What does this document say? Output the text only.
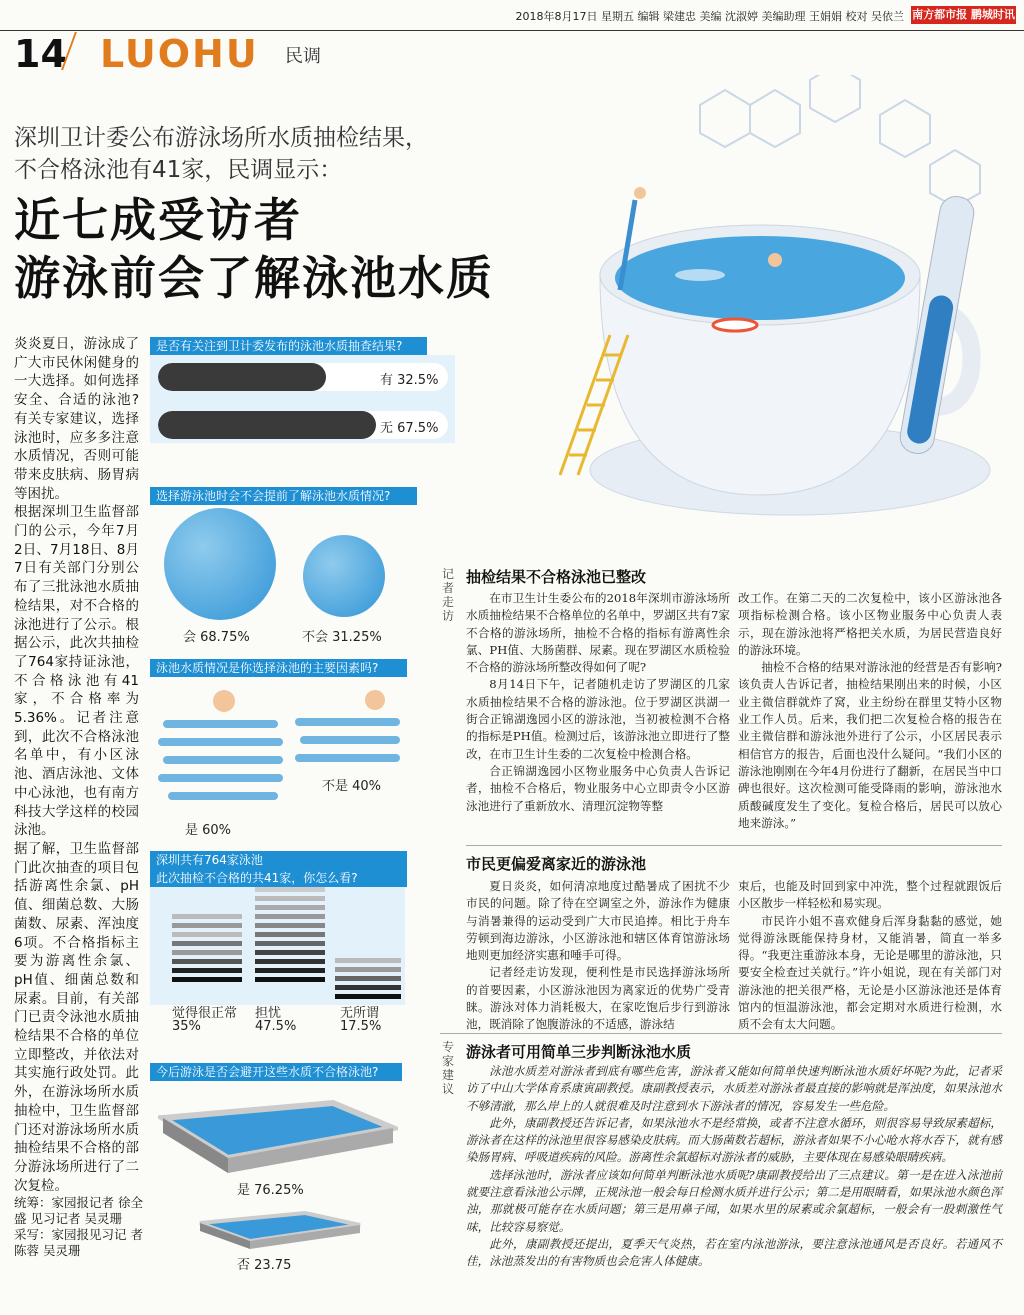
2018年8月17日 星期五 编辑 梁建忠 美编 沈淑婷 美编助理 王娟娟 校对 吴依兰 南方都市报 鹏城时讯
14 LUOHU 民调
深圳卫计委公布游泳场所水质抽检结果，
不合格泳池有41家，民调显示：
近七成受访者
游泳前会了解泳池水质

炎炎夏日，游泳成了广大市民休闲健身的一大选择。如何选择安全、合适的泳池?有关专家建议，选择泳池时，应多多注意水质情况，否则可能带来皮肤病、肠胃病等困扰。

根据深圳卫生监督部门的公示，今年7月2日、7月18日、8月7日有关部门分别公布了三批泳池水质抽检结果，对不合格的泳池进行了公示。根据公示，此次共抽检了764家持证泳池，不合格泳池有41家，不合格率为5.36%。记者注意到，此次不合格泳池名单中，有小区泳池、酒店泳池、文体中心泳池，也有南方科技大学这样的校园泳池。

据了解，卫生监督部门此次抽查的项目包括游离性余氯、pH值、细菌总数、大肠菌数、尿素、浑浊度6项。不合格指标主要为游离性余氯、pH值、细菌总数和尿素。目前，有关部门已责令泳池水质抽检结果不合格的单位立即整改，并依法对其实施行政处罚。此外，在游泳场所水质抽检中，卫生监督部门还对游泳场所水质抽检结果不合格的部分游泳场所进行了二次复检。

统筹：家园报记者 徐全盛 见习记者 吴灵珊
采写：家园报见习记 者 陈蓉 吴灵珊
是否有关注到卫计委发布的泳池水质抽查结果?
有 32.5%
无 67.5%
选择游泳池时会不会提前了解泳池水质情况?
会 68.75%	不会 31.25%
泳池水质情况是你选择泳池的主要因素吗?
是 60%
不是 40%
深圳共有764家泳池
此次抽检不合格的共41家，你怎么看?
觉得很正常
35%
担忧
47.5%
无所谓
17.5%
今后游泳是否会避开这些水质不合格泳池?
是 76.25%
否 23.75
记者走访
抽检结果不合格泳池已整改

在市卫生计生委公布的2018年深圳市游泳场所水质抽检结果不合格单位的名单中，罗湖区共有7家不合格的游泳场所，抽检不合格的指标有游离性余氯、PH值、大肠菌群、尿素。现在罗湖区水质检验不合格的游泳场所整改得如何了呢?

8月14日下午，记者随机走访了罗湖区的几家水质抽检结果不合格的游泳池。位于罗湖区洪湖一街合正锦湖逸园小区的游泳池，当初被检测不合格的指标是PH值。检测过后，该游泳池立即进行了整改，在市卫生计生委的二次复检中检测合格。

合正锦湖逸园小区物业服务中心负责人告诉记者，抽检不合格后，物业服务中心立即责令小区游泳池进行了重新放水、清理沉淀物等整

改工作。在第二天的二次复检中，该小区游泳池各项指标检测合格。该小区物业服务中心负责人表示，现在游泳池将严格把关水质，为居民营造良好的游泳环境。

抽检不合格的结果对游泳池的经营是否有影响?该负责人告诉记者，抽检结果刚出来的时候，小区业主微信群就炸了窝，业主纷纷在群里艾特小区物业工作人员。后来，我们把二次复检合格的报告在业主微信群和游泳池外进行了公示，小区居民表示相信官方的报告，后面也没什么疑问。“我们小区的游泳池刚刚在今年4月份进行了翻新，在居民当中口碑也很好。这次检测可能受降雨的影响，游泳池水质酸碱度发生了变化。复检合格后，居民可以放心地来游泳。”

市民更偏爱离家近的游泳池

夏日炎炎，如何清凉地度过酷暑成了困扰不少市民的问题。除了待在空调室之外，游泳作为健康与消暑兼得的运动受到广大市民追捧。相比于舟车劳顿到海边游泳，小区游泳池和辖区体育馆游泳场地则更加经济实惠和唾手可得。

记者经走访发现，便利性是市民选择游泳场所的首要因素，小区游泳池因为离家近的优势广受青睐。游泳对体力消耗极大，在家吃饱后步行到游泳池，既消除了饱腹游泳的不适感，游泳结

束后，也能及时回到家中冲洗，整个过程就跟饭后小区散步一样轻松和易实现。

市民许小姐不喜欢健身后浑身黏黏的感觉，她觉得游泳既能保持身材，又能消暑，简直一举多得。“我更注重游泳本身，无论是哪里的游泳池，只要安全检查过关就行。”许小姐说，现在有关部门对游泳池的把关很严格，无论是小区游泳池还是体育馆内的恒温游泳池，都会定期对水质进行检测，水质不会有太大问题。

专家建议
游泳者可用简单三步判断泳池水质

泳池水质差对游泳者到底有哪些危害，游泳者又能如何简单快速判断泳池水质好坏呢?为此，记者采访了中山大学体育系康寅副教授。康副教授表示，水质差对游泳者最直接的影响就是浑浊度，如果泳池水不够清澈，那么岸上的人就很难及时注意到水下游泳者的情况，容易发生一些危险。

此外，康副教授还告诉记者，如果泳池水不是经常换，或者不注意水循环，则很容易导致尿素超标，游泳者在这样的泳池里很容易感染皮肤病。而大肠菌数若超标，游泳者如果不小心呛水将水吞下，就有感染肠胃病、呼吸道疾病的风险。游离性余氯超标对游泳者的威胁，主要体现在易感染眼睛疾病。

选择泳池时，游泳者应该如何简单判断泳池水质呢?康副教授给出了三点建议。第一是在进入泳池前就要注意看泳池公示牌，正规泳池一般会每日检测水质并进行公示；第二是用眼睛看，如果泳池水颜色浑浊，那就极可能存在水质问题；第三是用鼻子闻，如果水里的尿素或余氯超标，一般会有一股刺激性气味，比较容易察觉。

此外，康副教授还提出，夏季天气炎热，若在室内泳池游泳，要注意泳池通风是否良好。若通风不佳，泳池蒸发出的有害物质也会危害人体健康。
